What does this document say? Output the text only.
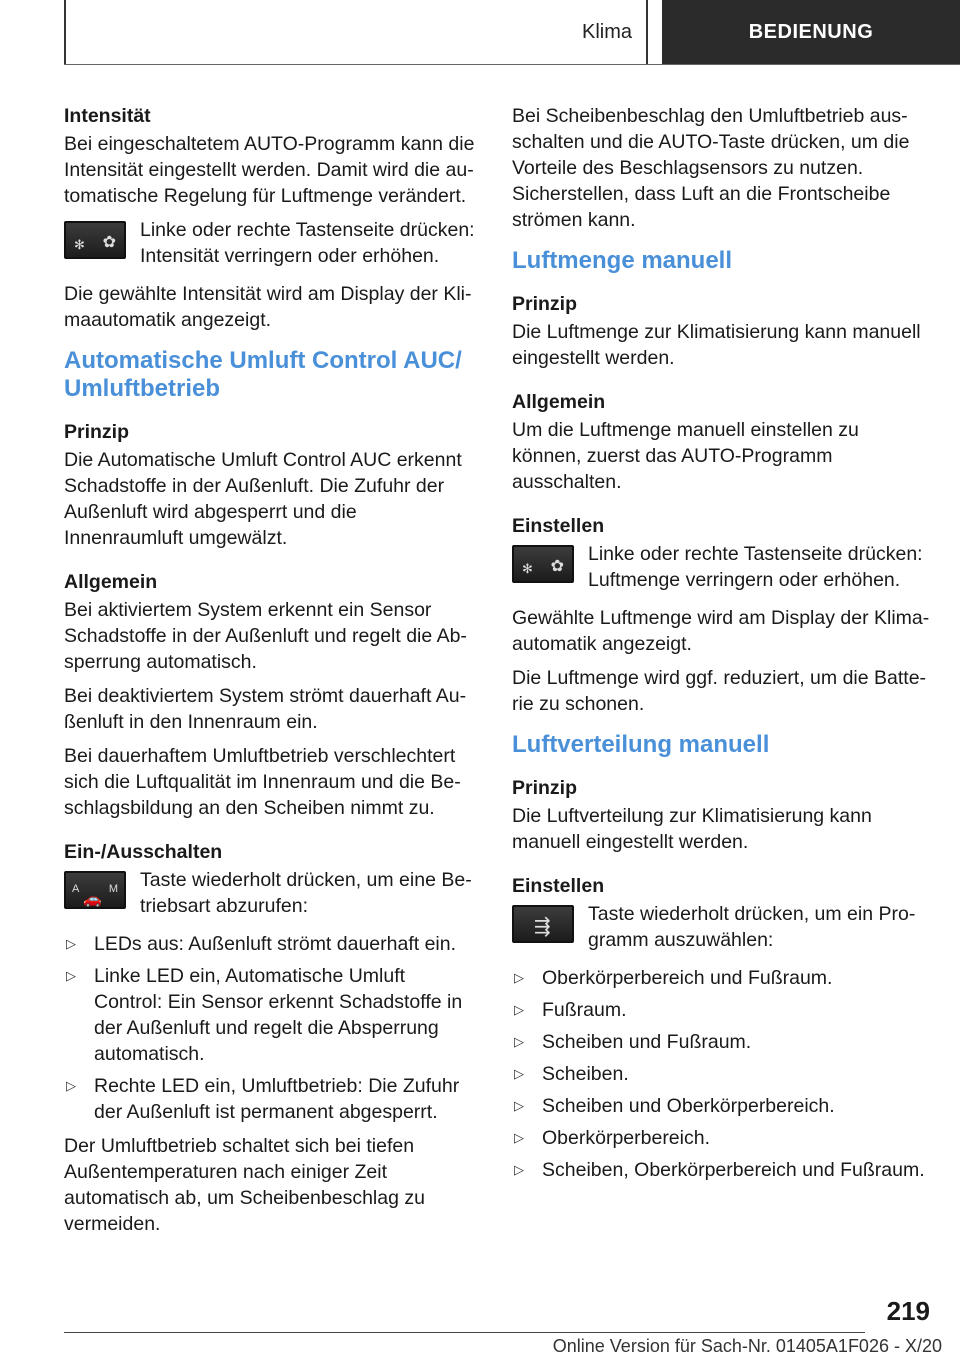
Klima	BEDIENUNG

Intensität

Bei eingeschaltetem AUTO-Programm kann die Intensität eingestellt werden. Damit wird die automatische Regelung für Luftmenge verändert.

✻ ✿
Linke oder rechte Tastenseite drücken: Intensität verringern oder erhöhen.

Die gewählte Intensität wird am Display der Klimaautomatik angezeigt.

Automatische Umluft Control AUC/ Umluftbetrieb

Prinzip

Die Automatische Umluft Control AUC erkennt Schadstoffe in der Außenluft. Die Zufuhr der Außenluft wird abgesperrt und die Innenraumluft umgewälzt.

Allgemein

Bei aktiviertem System erkennt ein Sensor Schadstoffe in der Außenluft und regelt die Absperrung automatisch.

Bei deaktiviertem System strömt dauerhaft Außenluft in den Innenraum ein.

Bei dauerhaftem Umluftbetrieb verschlechtert sich die Luftqualität im Innenraum und die Beschlagsbildung an den Scheiben nimmt zu.

Ein-/Ausschalten

A	M
🚗
Taste wiederholt drücken, um eine Betriebsart abzurufen:
▷ LEDs aus: Außenluft strömt dauerhaft ein.
▷ Linke LED ein, Automatische Umluft Control: Ein Sensor erkennt Schadstoffe in der Außenluft und regelt die Absperrung automatisch.
▷ Rechte LED ein, Umluftbetrieb: Die Zufuhr der Außenluft ist permanent abgesperrt.

Der Umluftbetrieb schaltet sich bei tiefen Außentemperaturen nach einiger Zeit automatisch ab, um Scheibenbeschlag zu vermeiden.

Bei Scheibenbeschlag den Umluftbetrieb ausschalten und die AUTO-Taste drücken, um die Vorteile des Beschlagsensors zu nutzen. Sicherstellen, dass Luft an die Frontscheibe strömen kann.

Luftmenge manuell

Prinzip

Die Luftmenge zur Klimatisierung kann manuell eingestellt werden.

Allgemein

Um die Luftmenge manuell einstellen zu können, zuerst das AUTO-Programm ausschalten.

Einstellen

✻ ✿
Linke oder rechte Tastenseite drücken: Luftmenge verringern oder erhöhen.

Gewählte Luftmenge wird am Display der Klimaautomatik angezeigt.

Die Luftmenge wird ggf. reduziert, um die Batterie zu schonen.

Luftverteilung manuell

Prinzip

Die Luftverteilung zur Klimatisierung kann manuell eingestellt werden.

Einstellen

⇶
Taste wiederholt drücken, um ein Programm auszuwählen:
▷ Oberkörperbereich und Fußraum.
▷ Fußraum.
▷ Scheiben und Fußraum.
▷ Scheiben.
▷ Scheiben und Oberkörperbereich.
▷ Oberkörperbereich.
▷ Scheiben, Oberkörperbereich und Fußraum.
219
Online Version für Sach-Nr. 01405A1F026 - X/20
